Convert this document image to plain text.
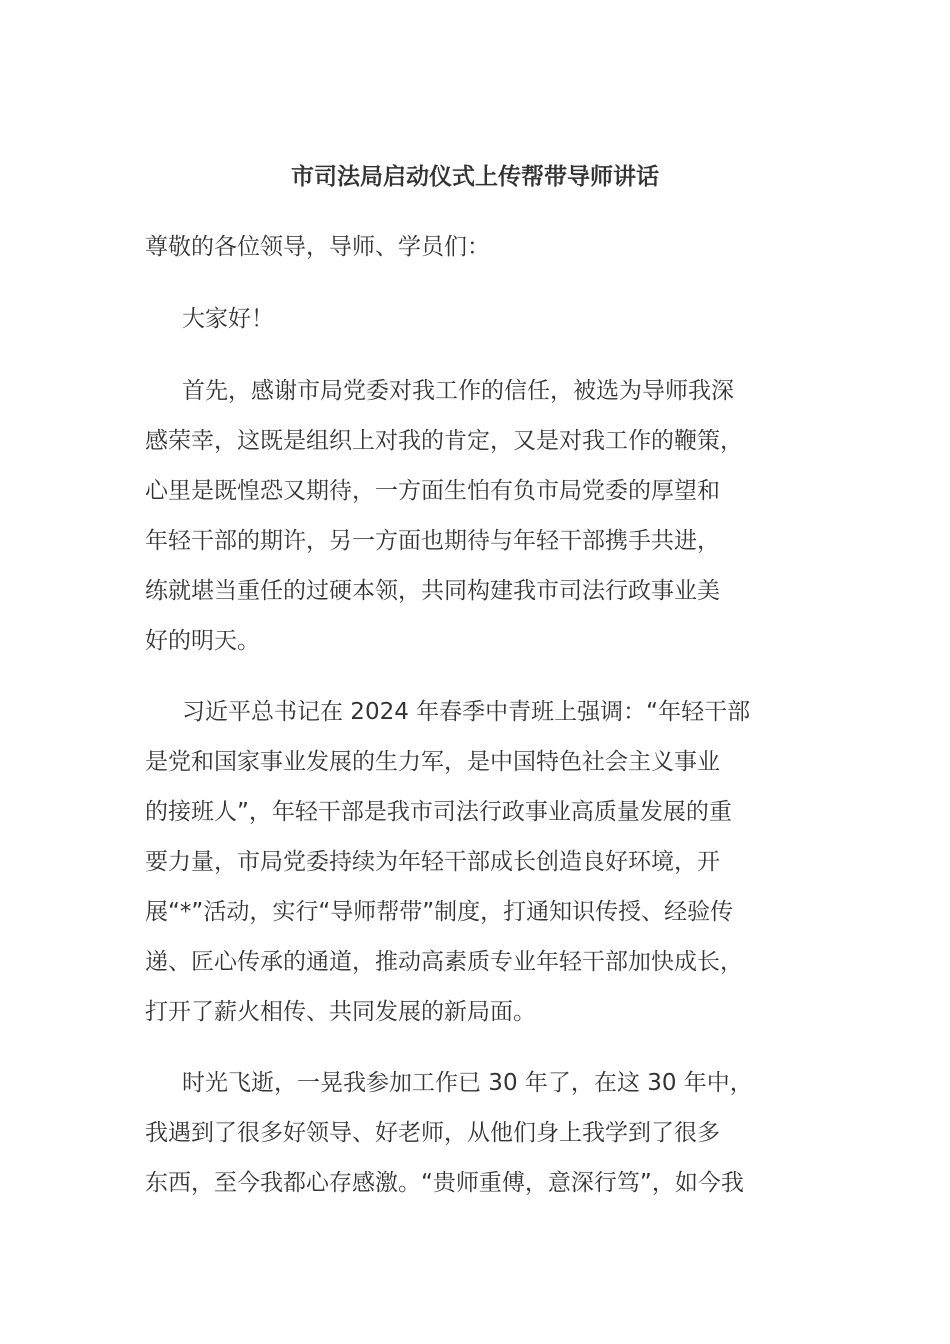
市司法局启动仪式上传帮带导师讲话
尊敬的各位领导，导师、学员们：
大家好！
首先，感谢市局党委对我工作的信任，被选为导师我深
感荣幸，这既是组织上对我的肯定，又是对我工作的鞭策，
心里是既惶恐又期待，一方面生怕有负市局党委的厚望和
年轻干部的期许，另一方面也期待与年轻干部携手共进，
练就堪当重任的过硬本领，共同构建我市司法行政事业美
好的明天。
习近平总书记在 2024 年春季中青班上强调：“年轻干部
是党和国家事业发展的生力军，是中国特色社会主义事业
的接班人”，年轻干部是我市司法行政事业高质量发展的重
要力量，市局党委持续为年轻干部成长创造良好环境，开
展“*”活动，实行“导师帮带”制度，打通知识传授、经验传
递、匠心传承的通道，推动高素质专业年轻干部加快成长，
打开了薪火相传、共同发展的新局面。
时光飞逝，一晃我参加工作已 30 年了，在这 30 年中，
我遇到了很多好领导、好老师，从他们身上我学到了很多
东西，至今我都心存感激。“贵师重傅，意深行笃”，如今我
